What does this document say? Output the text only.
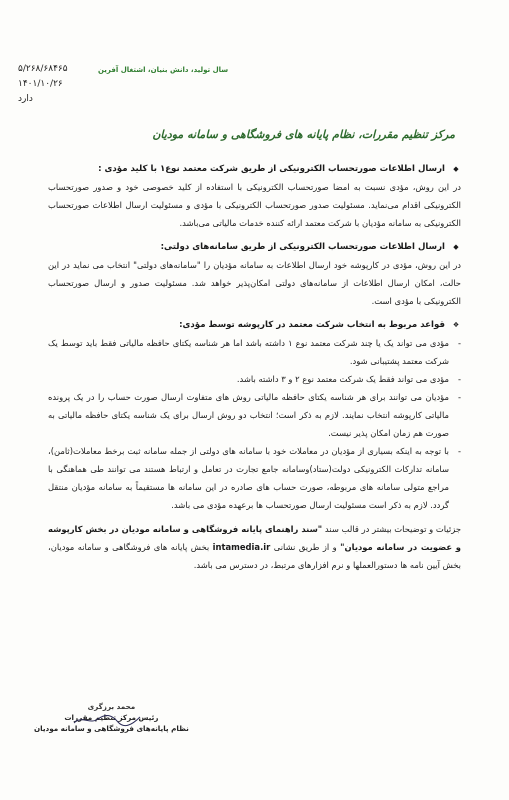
۵/۲۶۸/۶۸۴۶۵
۱۴۰۱/۱۰/۲۶
دارد
سال تولید، دانش بنیان، اشتغال آفرین
مرکز تنظیم مقررات، نظام پایانه های فروشگاهی و سامانه مودیان
◆
ارسال اطلاعات صورتحساب الکترونیکی از طریق شرکت معتمد نوع۱ با کلید مؤدی :
در این روش، مؤدی نسبت به امضا صورتحساب الکترونیکی با استفاده از کلید خصوصی خود و صدور صورتحساب الکترونیکی اقدام می‌نماید. مسئولیت صدور صورتحساب الکترونیکی با مؤدی و مسئولیت ارسال اطلاعات صورتحساب الکترونیکی به سامانه مؤدیان با شرکت معتمد ارائه کننده خدمات مالیاتی می‌باشد.
◆
ارسال اطلاعات صورتحساب الکترونیکی از طریق سامانه‌های دولتی:
در این روش، مؤدی در کارپوشه خود ارسال اطلاعات به سامانه مؤدیان را "سامانه‌های دولتی" انتخاب می نماید در این حالت، امکان ارسال اطلاعات از سامانه‌های دولتی امکان‌پذیر خواهد شد. مسئولیت صدور و ارسال صورتحساب الکترونیکی با مؤدی است.
❖
قواعد مربوط به انتخاب شرکت معتمد در کارپوشه توسط مؤدی:
- مؤدی می تواند یک یا چند شرکت معتمد نوع ۱ داشته باشد اما هر شناسه یکتای حافظه مالیاتی فقط باید توسط یک شرکت معتمد پشتیبانی شود.
- مؤدی می تواند فقط یک شرکت معتمد نوع ۲ و ۳ داشته باشد.
- مؤدیان می توانند برای هر شناسه یکتای حافظه مالیاتی روش های متفاوت ارسال صورت حساب را در یک پرونده مالیاتی کارپوشه انتخاب نمایند. لازم به ذکر است؛ انتخاب دو روش ارسال برای یک شناسه یکتای حافظه مالیاتی به صورت هم زمان امکان پذیر نیست.
- با توجه به اینکه بسیاری از مؤدیان در معاملات خود با سامانه های دولتی از جمله سامانه ثبت برخط معاملات(ثامن)، سامانه تدارکات الکترونیکی دولت(ستاد)وسامانه جامع تجارت در تعامل و ارتباط هستند می توانند طی هماهنگی با مراجع متولی سامانه های مربوطه، صورت حساب های صادره در این سامانه ها مستقیماً به سامانه مؤدیان منتقل گردد. لازم به ذکر است مسئولیت ارسال صورتحساب ها برعهده مؤدی می باشد.
جزئیات و توضیحات بیشتر در قالب سند "سند راهنمای پایانه فروشگاهی و سامانه مودیان در بخش کارپوشه و عضویت در سامانه مودیان" و از طریق نشانی intamedia.ir بخش پایانه های فروشگاهی و سامانه مودیان، بخش آیین نامه ها دستورالعملها و نرم افزارهای مرتبط، در دسترس می باشد.
محمد برزگری
رئیس مرکز تنظیم مقررات
نظام پایانه‌های فروشگاهی و سامانه مودیان
